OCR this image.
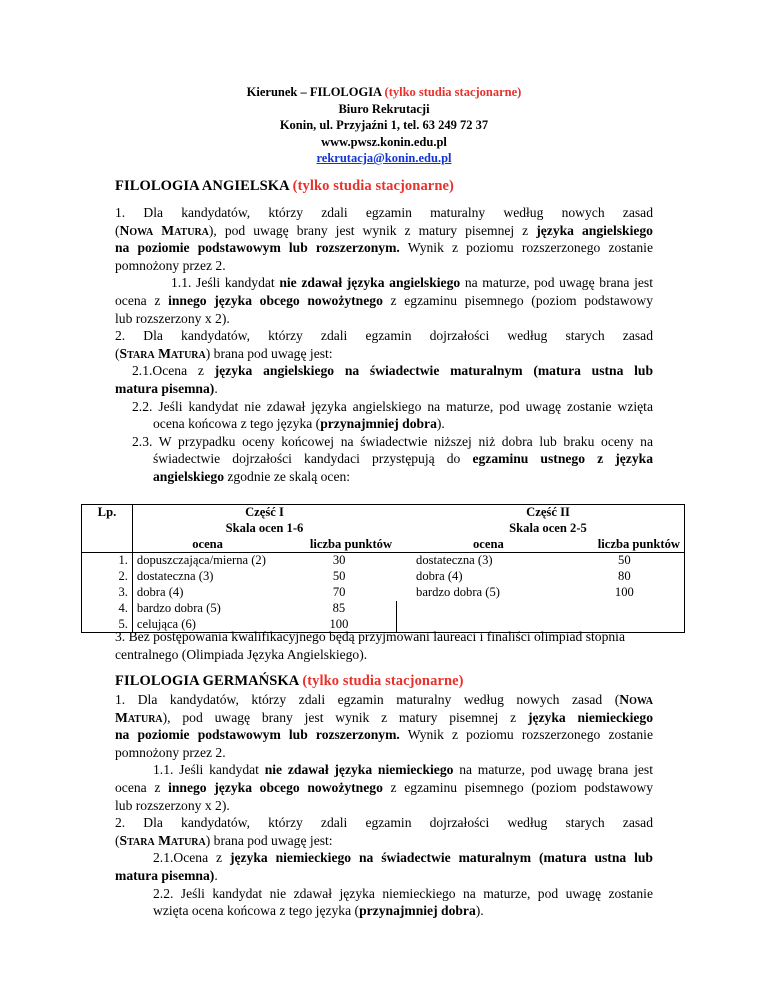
Kierunek – FILOLOGIA (tylko studia stacjonarne)
Biuro Rekrutacji
Konin, ul. Przyjaźni 1, tel. 63 249 72 37
www.pwsz.konin.edu.pl
rekrutacja@konin.edu.pl
FILOLOGIA ANGIELSKA (tylko studia stacjonarne)
1. Dla kandydatów, którzy zdali egzamin maturalny według nowych zasad
(Nowa Matura), pod uwagę brany jest wynik z matury pisemnej z języka angielskiego
na poziomie podstawowym lub rozszerzonym. Wynik z poziomu rozszerzonego zostanie
pomnożony przez 2.
1.1. Jeśli kandydat nie zdawał języka angielskiego na maturze, pod uwagę brana jest
ocena z innego języka obcego nowożytnego z egzaminu pisemnego (poziom podstawowy
lub rozszerzony x 2).
2. Dla kandydatów, którzy zdali egzamin dojrzałości według starych zasad
(Stara Matura) brana pod uwagę jest:
2.1.Ocena z języka angielskiego na świadectwie maturalnym (matura ustna lub
matura pisemna).
2.2. Jeśli kandydat nie zdawał języka angielskiego na maturze, pod uwagę zostanie wzięta
ocena końcowa z tego języka (przynajmniej dobra).
2.3. W przypadku oceny końcowej na świadectwie niższej niż dobra lub braku oceny na
świadectwie dojrzałości kandydaci przystępują do egzaminu ustnego z języka
angielskiego zgodnie ze skalą ocen:
Lp.	Część I			Część II	
	Skala ocen 1-6			Skala ocen 2-5	
	ocena	liczba punktów		ocena	liczba punktów
1.	dopuszczająca/mierna (2)	30		dostateczna (3)	50
2.	dostateczna (3)	50		dobra (4)	80
3.	dobra (4)	70		bardzo dobra (5)	100
4.	bardzo dobra (5)	85			
5.	celująca (6)	100			
3. Bez postępowania kwalifikacyjnego będą przyjmowani laureaci i finaliści olimpiad stopnia
centralnego (Olimpiada Języka Angielskiego).
FILOLOGIA GERMAŃSKA (tylko studia stacjonarne)
1. Dla kandydatów, którzy zdali egzamin maturalny według nowych zasad (Nowa
Matura), pod uwagę brany jest wynik z matury pisemnej z języka niemieckiego
na poziomie podstawowym lub rozszerzonym. Wynik z poziomu rozszerzonego zostanie
pomnożony przez 2.
1.1. Jeśli kandydat nie zdawał języka niemieckiego na maturze, pod uwagę brana jest
ocena z innego języka obcego nowożytnego z egzaminu pisemnego (poziom podstawowy
lub rozszerzony x 2).
2. Dla kandydatów, którzy zdali egzamin dojrzałości według starych zasad
(Stara Matura) brana pod uwagę jest:
2.1.Ocena z języka niemieckiego na świadectwie maturalnym (matura ustna lub
matura pisemna).
2.2. Jeśli kandydat nie zdawał języka niemieckiego na maturze, pod uwagę zostanie
wzięta ocena końcowa z tego języka (przynajmniej dobra).
